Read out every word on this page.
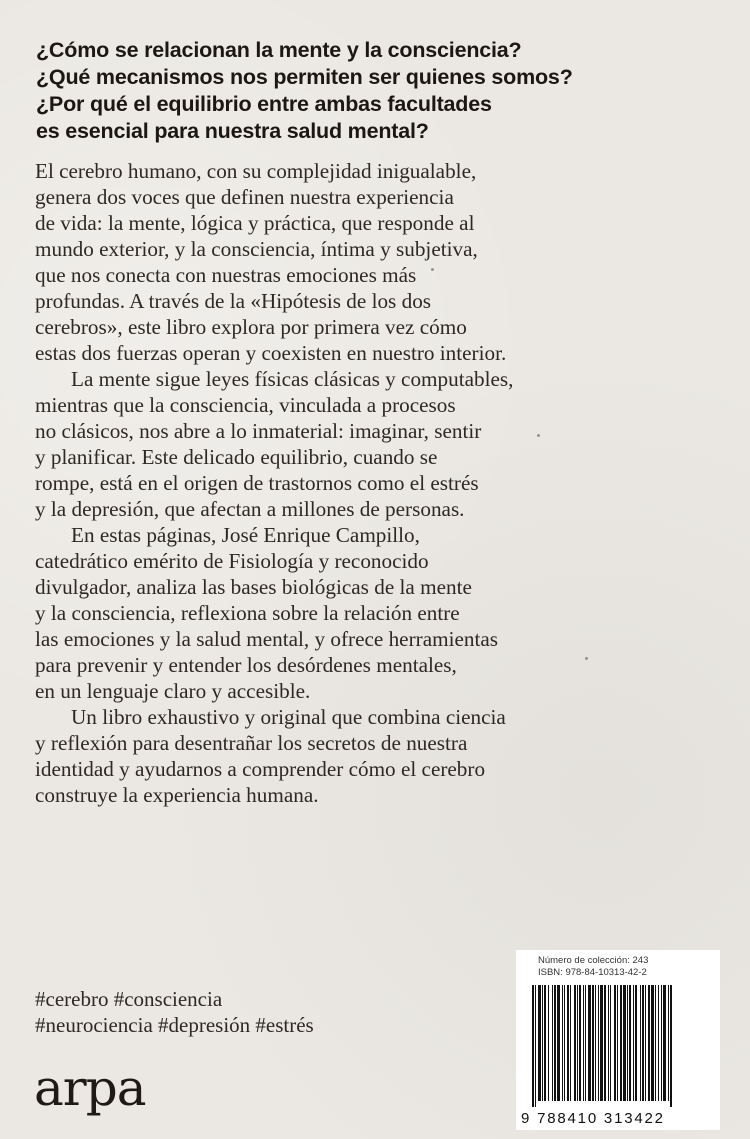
¿Cómo se relacionan la mente y la consciencia?
¿Qué mecanismos nos permiten ser quienes somos?
¿Por qué el equilibrio entre ambas facultades
es esencial para nuestra salud mental?

El cerebro humano, con su complejidad inigualable,
genera dos voces que definen nuestra experiencia
de vida: la mente, lógica y práctica, que responde al
mundo exterior, y la consciencia, íntima y subjetiva,
que nos conecta con nuestras emociones más
profundas. A través de la «Hipótesis de los dos
cerebros», este libro explora por primera vez cómo
estas dos fuerzas operan y coexisten en nuestro interior.

La mente sigue leyes físicas clásicas y computables,
mientras que la consciencia, vinculada a procesos
no clásicos, nos abre a lo inmaterial: imaginar, sentir
y planificar. Este delicado equilibrio, cuando se
rompe, está en el origen de trastornos como el estrés
y la depresión, que afectan a millones de personas.

En estas páginas, José Enrique Campillo,
catedrático emérito de Fisiología y reconocido
divulgador, analiza las bases biológicas de la mente
y la consciencia, reflexiona sobre la relación entre
las emociones y la salud mental, y ofrece herramientas
para prevenir y entender los desórdenes mentales,
en un lenguaje claro y accesible.

Un libro exhaustivo y original que combina ciencia
y reflexión para desentrañar los secretos de nuestra
identidad y ayudarnos a comprender cómo el cerebro
construye la experiencia humana.

#cerebro #consciencia
#neurociencia #depresión #estrés
arpa
Número de colección: 243
ISBN: 978-84-10313-42-2
9 788410 313422
